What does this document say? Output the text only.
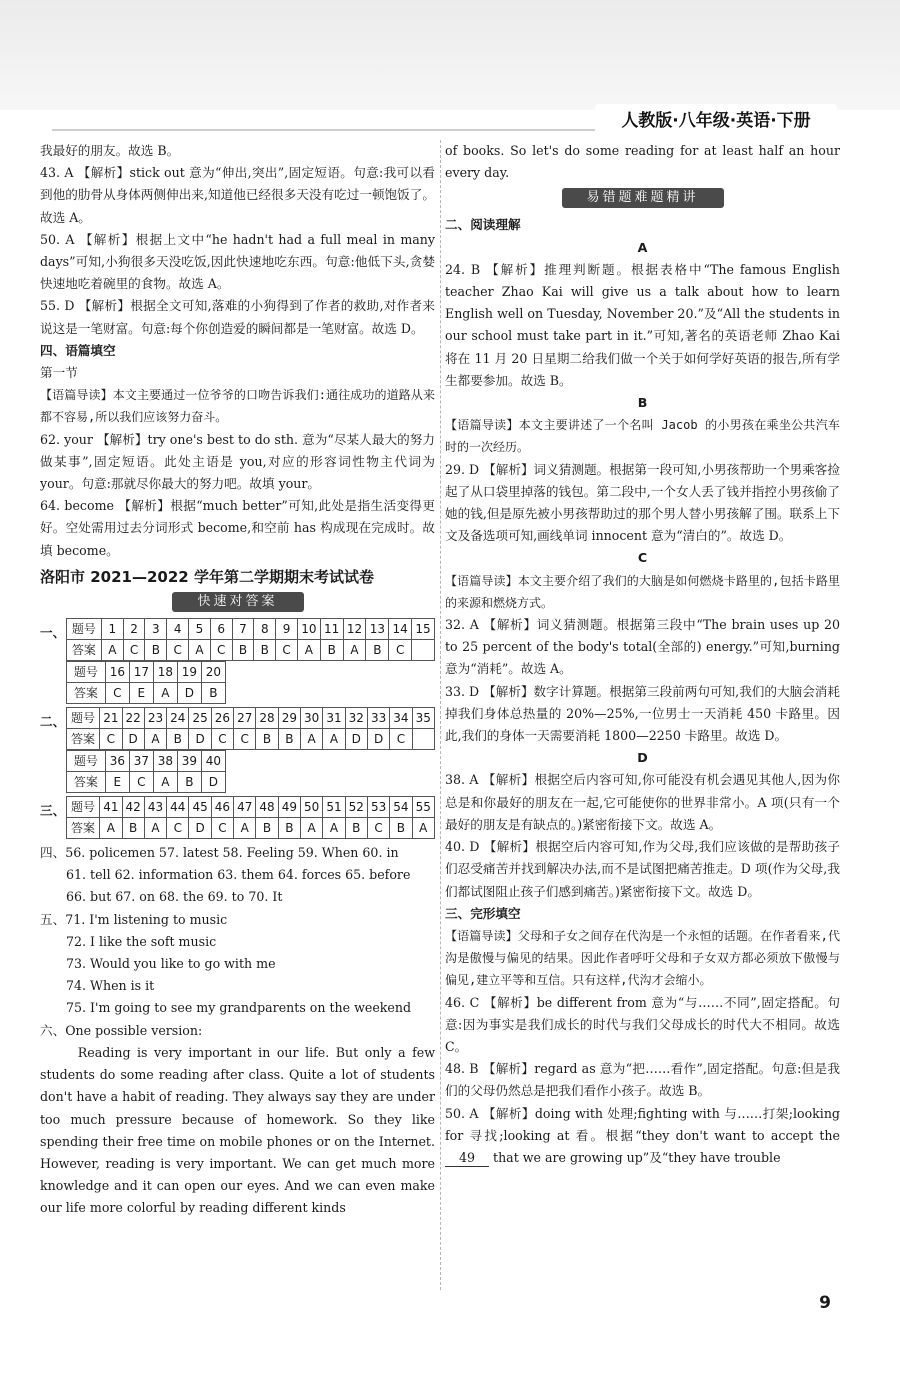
人教版·八年级·英语·下册

我最好的朋友。故选 B。

43. A 【解析】stick out 意为“伸出,突出”,固定短语。句意:我可以看到他的肋骨从身体两侧伸出来,知道他已经很多天没有吃过一顿饱饭了。故选 A。

50. A 【解析】根据上文中“he hadn't had a full meal in many days”可知,小狗很多天没吃饭,因此快速地吃东西。句意:他低下头,贪婪快速地吃着碗里的食物。故选 A。

55. D 【解析】根据全文可知,落难的小狗得到了作者的救助,对作者来说这是一笔财富。句意:每个你创造爱的瞬间都是一笔财富。故选 D。

四、语篇填空

第一节

【语篇导读】本文主要通过一位爷爷的口吻告诉我们:通往成功的道路从来都不容易,所以我们应该努力奋斗。

62. your 【解析】try one's best to do sth. 意为“尽某人最大的努力做某事”,固定短语。此处主语是 you,对应的形容词性物主代词为 your。句意:那就尽你最大的努力吧。故填 your。

64. become 【解析】根据“much better”可知,此处是指生活变得更好。空处需用过去分词形式 become,和空前 has 构成现在完成时。故填 become。

洛阳市 2021—2022 学年第二学期期末考试试卷

快速对答案
一、 题号	1	2	3	4	5	6	7	8	9	10	11	12	13	14	15
答案	A	C	B	C	A	C	B	B	C	A	B	A	B	C	
题号	16	17	18	19	20
答案	C	E	A	D	B
二、 题号	21	22	23	24	25	26	27	28	29	30	31	32	33	34	35
答案	C	D	A	B	D	C	C	B	B	A	A	D	D	C	
题号	36	37	38	39	40
答案	E	C	A	B	D
三、 题号	41	42	43	44	45	46	47	48	49	50	51	52	53	54	55
答案	A	B	A	C	D	C	A	B	B	A	A	B	C	B	A

四、56. policemen 57. latest 58. Feeling 59. When 60. in

61. tell 62. information 63. them 64. forces 65. before

66. but 67. on 68. the 69. to 70. It

五、71. I'm listening to music

72. I like the soft music

73. Would you like to go with me

74. When is it

75. I'm going to see my grandparents on the weekend

六、One possible version:

Reading is very important in our life. But only a few students do some reading after class. Quite a lot of students don't have a habit of reading. They always say they are under too much pressure because of homework. So they like spending their free time on mobile phones or on the Internet. However, reading is very important. We can get much more knowledge and it can open our eyes. And we can even make our life more colorful by reading different kinds

of books. So let's do some reading for at least half an hour every day.

易错题难题精讲

二、阅读理解

A

24. B 【解析】推理判断题。根据表格中“The famous English teacher Zhao Kai will give us a talk about how to learn English well on Tuesday, November 20.”及“All the students in our school must take part in it.”可知,著名的英语老师 Zhao Kai 将在 11 月 20 日星期二给我们做一个关于如何学好英语的报告,所有学生都要参加。故选 B。

B

【语篇导读】本文主要讲述了一个名叫 Jacob 的小男孩在乘坐公共汽车时的一次经历。

29. D 【解析】词义猜测题。根据第一段可知,小男孩帮助一个男乘客捡起了从口袋里掉落的钱包。第二段中,一个女人丢了钱并指控小男孩偷了她的钱,但是原先被小男孩帮助过的那个男人替小男孩解了围。联系上下文及备选项可知,画线单词 innocent 意为“清白的”。故选 D。

C

【语篇导读】本文主要介绍了我们的大脑是如何燃烧卡路里的,包括卡路里的来源和燃烧方式。

32. A 【解析】词义猜测题。根据第三段中“The brain uses up 20 to 25 percent of the body's total(全部的) energy.”可知,burning 意为“消耗”。故选 A。

33. D 【解析】数字计算题。根据第三段前两句可知,我们的大脑会消耗掉我们身体总热量的 20%—25%,一位男士一天消耗 450 卡路里。因此,我们的身体一天需要消耗 1800—2250 卡路里。故选 D。

D

38. A 【解析】根据空后内容可知,你可能没有机会遇见其他人,因为你总是和你最好的朋友在一起,它可能使你的世界非常小。A 项(只有一个最好的朋友是有缺点的。)紧密衔接下文。故选 A。

40. D 【解析】根据空后内容可知,作为父母,我们应该做的是帮助孩子们忍受痛苦并找到解决办法,而不是试图把痛苦推走。D 项(作为父母,我们都试图阻止孩子们感到痛苦。)紧密衔接下文。故选 D。

三、完形填空

【语篇导读】父母和子女之间存在代沟是一个永恒的话题。在作者看来,代沟是傲慢与偏见的结果。因此作者呼吁父母和子女双方都必须放下傲慢与偏见,建立平等和互信。只有这样,代沟才会缩小。

46. C 【解析】be different from 意为“与……不同”,固定搭配。句意:因为事实是我们成长的时代与我们父母成长的时代大不相同。故选 C。

48. B 【解析】regard as 意为“把……看作”,固定搭配。句意:但是我们的父母仍然总是把我们看作小孩子。故选 B。

50. A 【解析】doing with 处理;fighting with 与……打架;looking for 寻找;looking at 看。根据“they don't want to accept the 49 that we are growing up”及“they have trouble

9
